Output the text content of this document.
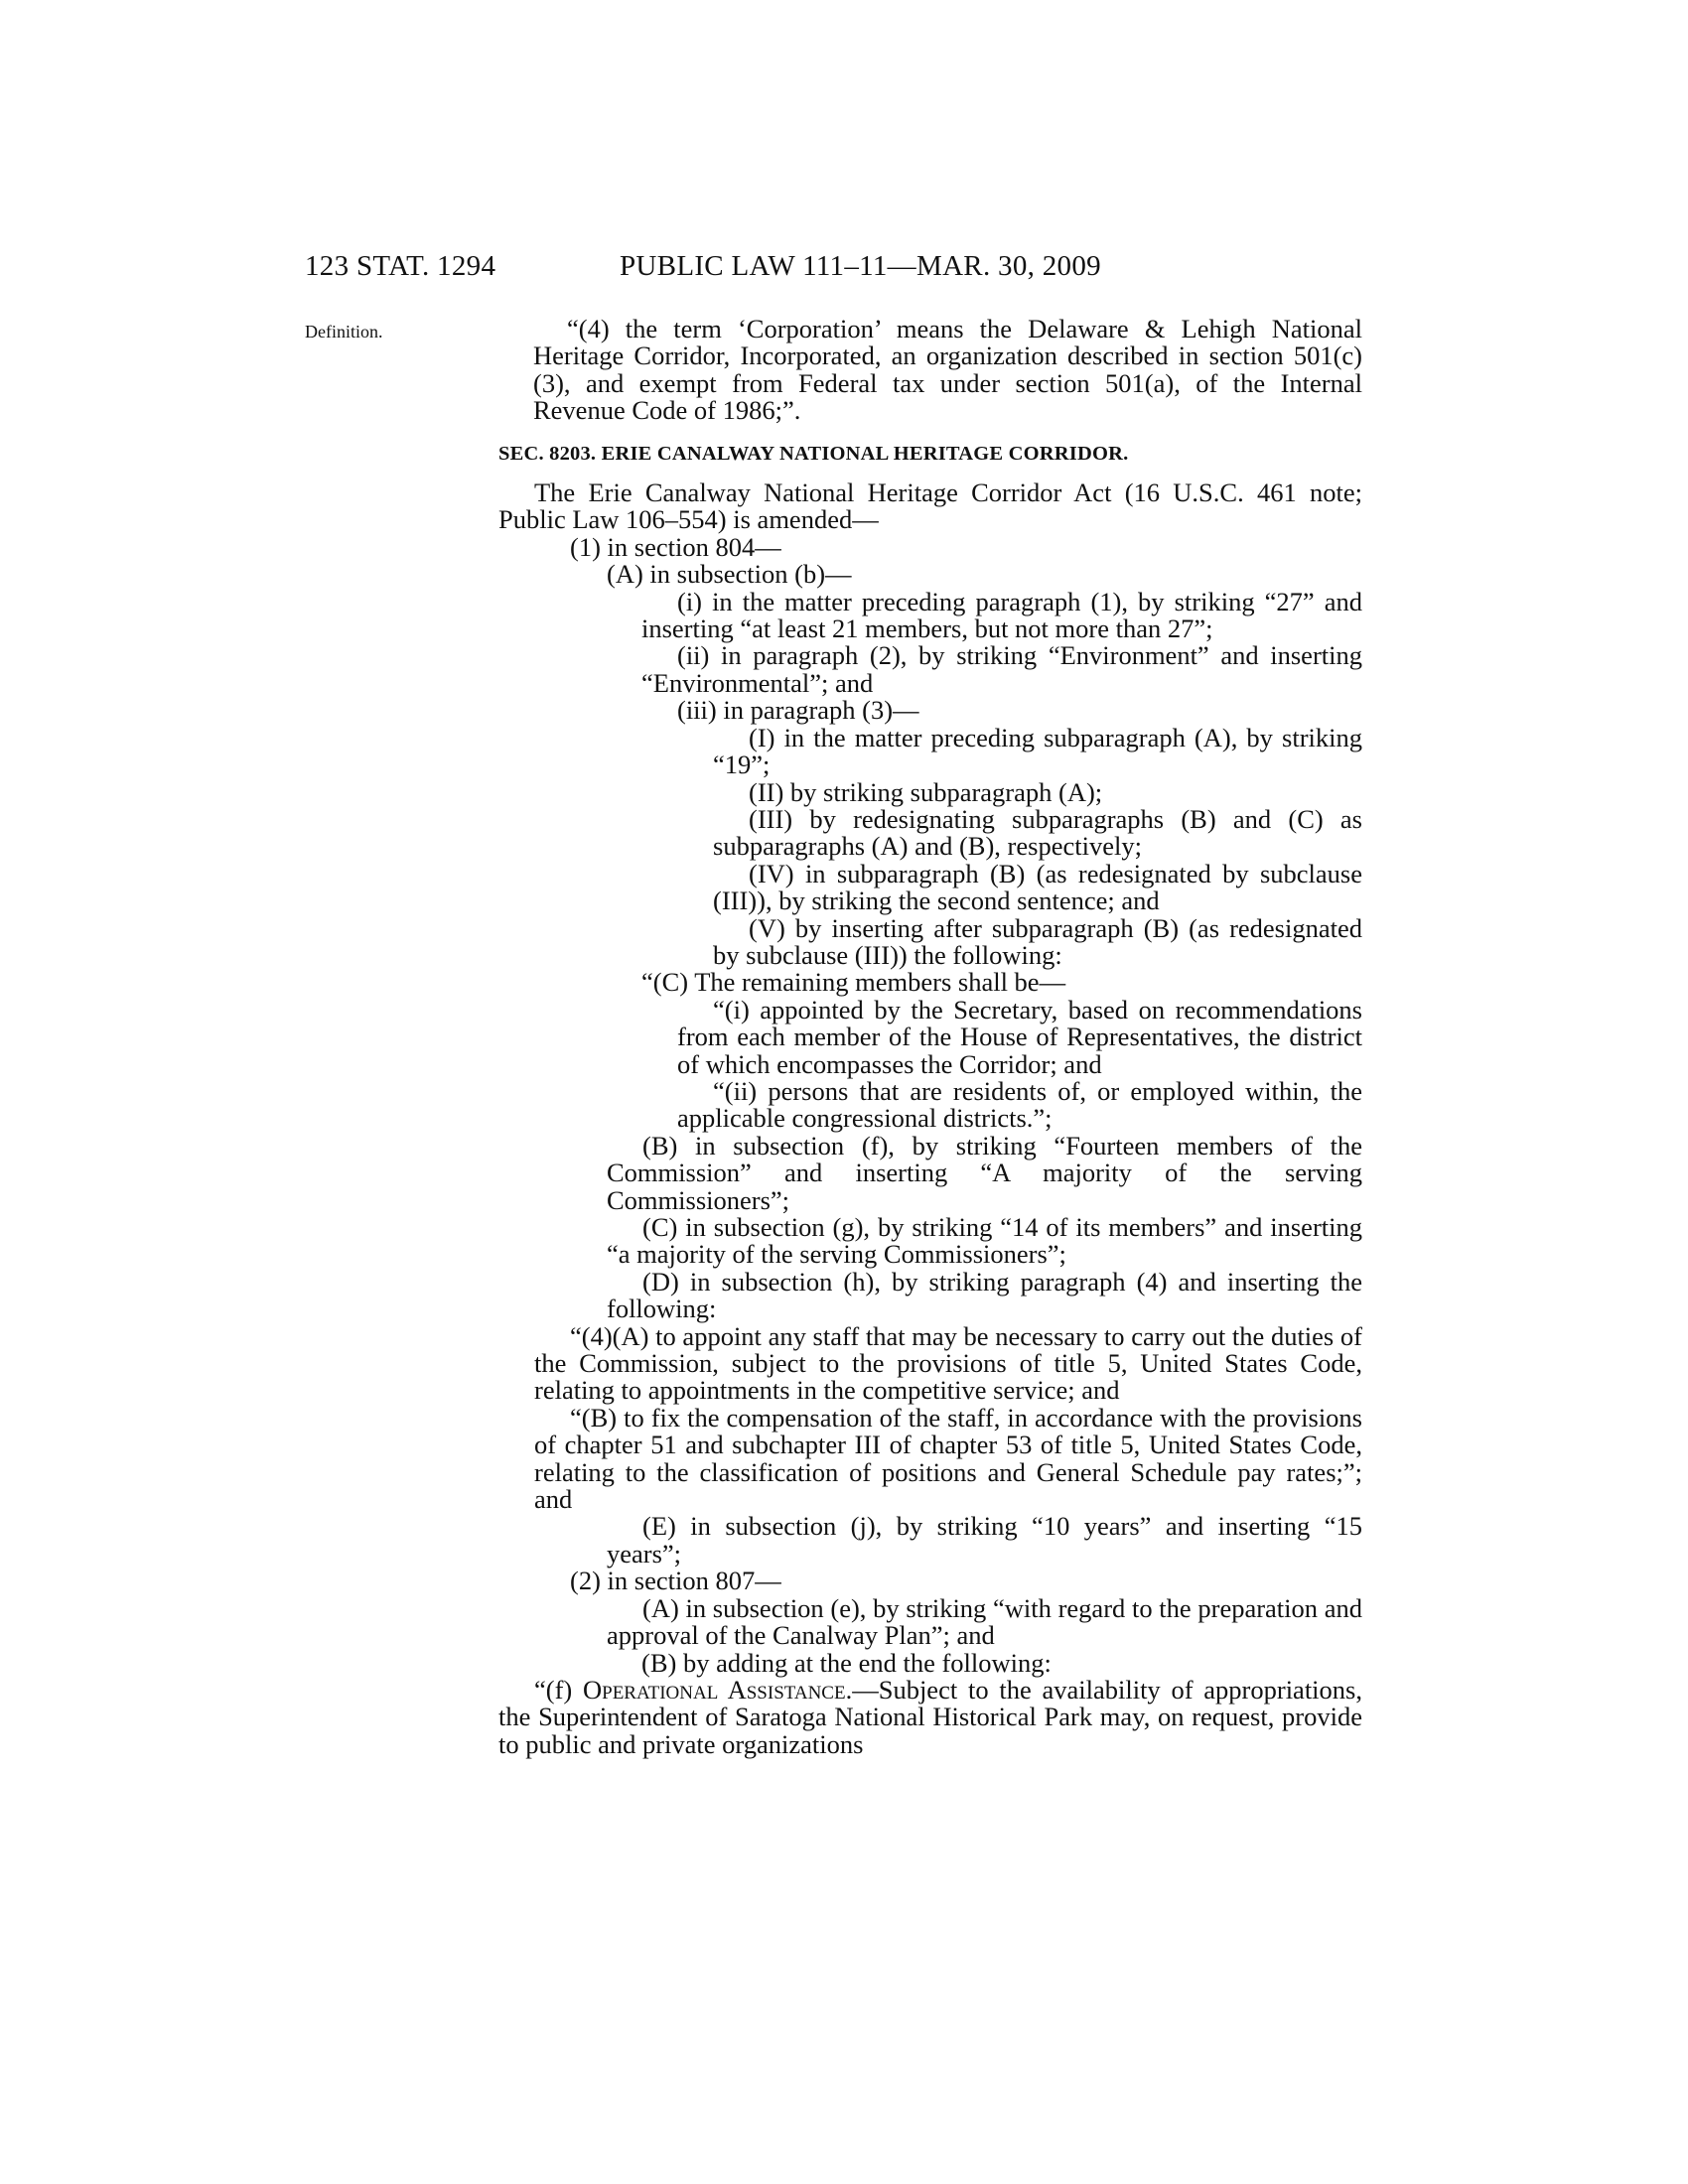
123 STAT. 1294	PUBLIC LAW 111–11—MAR. 30, 2009
Definition.	“(4) the term ‘Corporation’ means the Delaware & Lehigh National Heritage Corridor, Incorporated, an organization described in section 501(c)(3), and exempt from Federal tax under section 501(a), of the Internal Revenue Code of 1986;”.

SEC. 8203. ERIE CANALWAY NATIONAL HERITAGE CORRIDOR.

The Erie Canalway National Heritage Corridor Act (16 U.S.C. 461 note; Public Law 106–554) is amended—

(1) in section 804—

(A) in subsection (b)—

(i) in the matter preceding paragraph (1), by striking “27” and inserting “at least 21 members, but not more than 27”;

(ii) in paragraph (2), by striking “Environment” and inserting “Environmental”; and

(iii) in paragraph (3)—

(I) in the matter preceding subparagraph (A), by striking “19”;

(II) by striking subparagraph (A);

(III) by redesignating subparagraphs (B) and (C) as subparagraphs (A) and (B), respectively;

(IV) in subparagraph (B) (as redesignated by subclause (III)), by striking the second sentence; and

(V) by inserting after subparagraph (B) (as redesignated by subclause (III)) the following:

“(C) The remaining members shall be—

“(i) appointed by the Secretary, based on recommendations from each member of the House of Representatives, the district of which encompasses the Corridor; and

“(ii) persons that are residents of, or employed within, the applicable congressional districts.”;

(B) in subsection (f), by striking “Fourteen members of the Commission” and inserting “A majority of the serving Commissioners”;

(C) in subsection (g), by striking “14 of its members” and inserting “a majority of the serving Commissioners”;

(D) in subsection (h), by striking paragraph (4) and inserting the following:

“(4)(A) to appoint any staff that may be necessary to carry out the duties of the Commission, subject to the provisions of title 5, United States Code, relating to appointments in the competitive service; and

“(B) to fix the compensation of the staff, in accordance with the provisions of chapter 51 and subchapter III of chapter 53 of title 5, United States Code, relating to the classification of positions and General Schedule pay rates;”; and

(E) in subsection (j), by striking “10 years” and inserting “15 years”;

(2) in section 807—

(A) in subsection (e), by striking “with regard to the preparation and approval of the Canalway Plan”; and

(B) by adding at the end the following:

“(f) Operational Assistance.—Subject to the availability of appropriations, the Superintendent of Saratoga National Historical Park may, on request, provide to public and private organizations
